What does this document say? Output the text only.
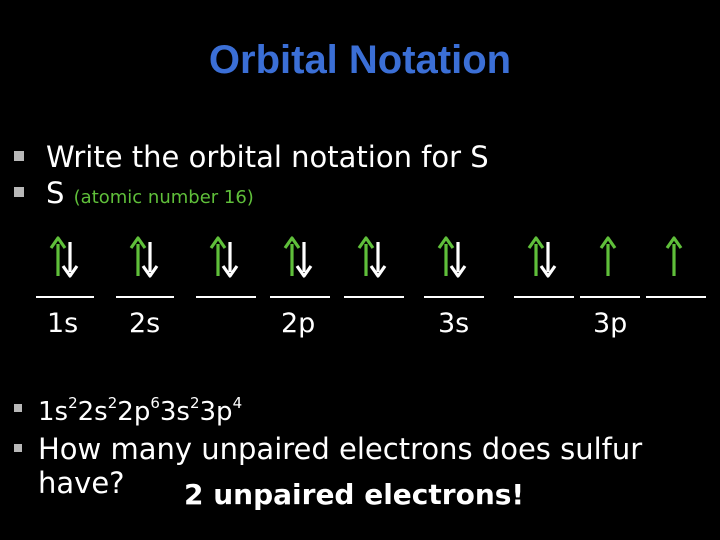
Orbital Notation
Write the orbital notation for S
S (atomic number 16)
1s 2s	2p	3s	3p
$1s^22s^22p^63s^23p^4$
How many unpaired electrons does sulfur
have? 2 unpaired electrons!
